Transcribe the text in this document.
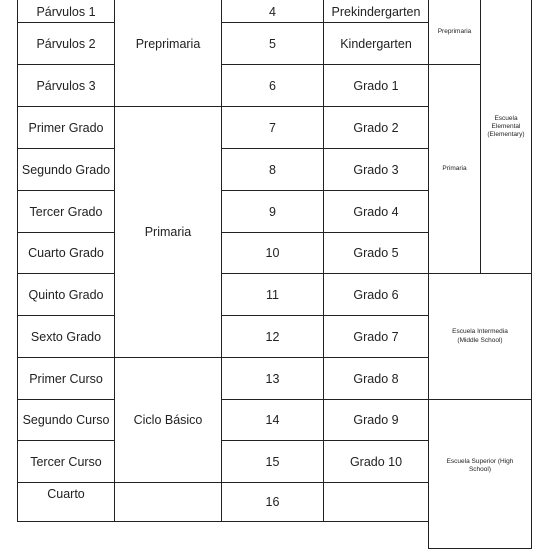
Párvulos 1
Párvulos 2
Párvulos 3
Primer Grado
Segundo Grado
Tercer Grado
Cuarto Grado
Quinto Grado
Sexto Grado
Primer Curso
Segundo Curso
Tercer Curso
Cuarto
Preprimaria
Primaria
Ciclo Básico
4
5
6
7
8
9
10
11
12
13
14
15
16
Prekindergarten
Kindergarten
Grado 1
Grado 2
Grado 3
Grado 4
Grado 5
Grado 6
Grado 7
Grado 8
Grado 9
Grado 10
Preprimaria
Primaria
Escuela Elemental (Elementary)
Escuela Intermedia (Middle School)
Escuela Superior (High School)
